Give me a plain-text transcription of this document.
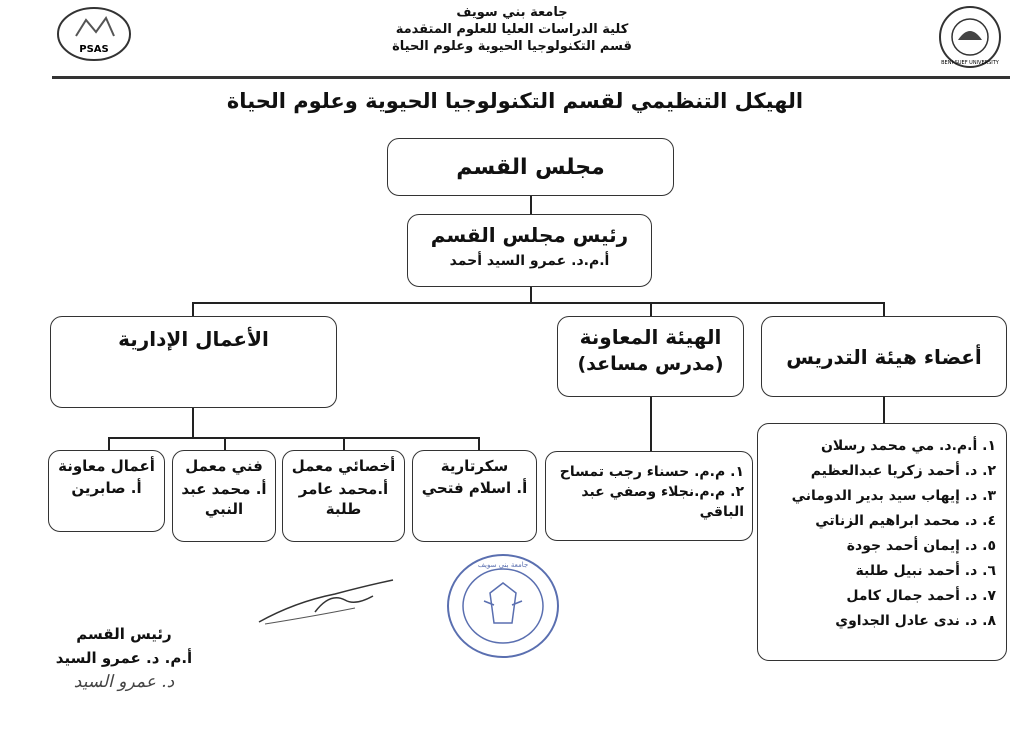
PSAS
جامعة بني سويف
كلية الدراسات العليا للعلوم المتقدمة
قسم التكنولوجيا الحيوية وعلوم الحياة
BENI-SUEF UNIVERSITY
الهيكل التنظيمي لقسم التكنولوجيا الحيوية وعلوم الحياة
مجلس القسم
رئيس مجلس القسم
أ.م.د. عمرو السيد أحمد
الأعمال الإدارية	الهيئة المعاونة
(مدرس مساعد)	أعضاء هيئة التدريس
سكرتارية
أ. اسلام فتحي
أخصائي معمل
أ.محمد عامر طلبة
فني معمل
أ. محمد عبد النبي
أعمال معاونة
أ. صابرين
١. م.م. حسناء رجب تمساح
٢. م.م.نجلاء وصفي عبد الباقي
١. أ.م.د. مي محمد رسلان
٢. د. أحمد زكريا عبدالعظيم
٣. د. إيهاب سيد بدير الدوماني
٤. د. محمد ابراهيم الزناتي
٥. د. إيمان أحمد جودة
٦. د. أحمد نبيل طلبة
٧. د. أحمد جمال كامل
٨. د. ندى عادل الجداوي
رئيس القسم
أ.م. د. عمرو السيد
د. عمرو السيد
جامعة بني سويف
